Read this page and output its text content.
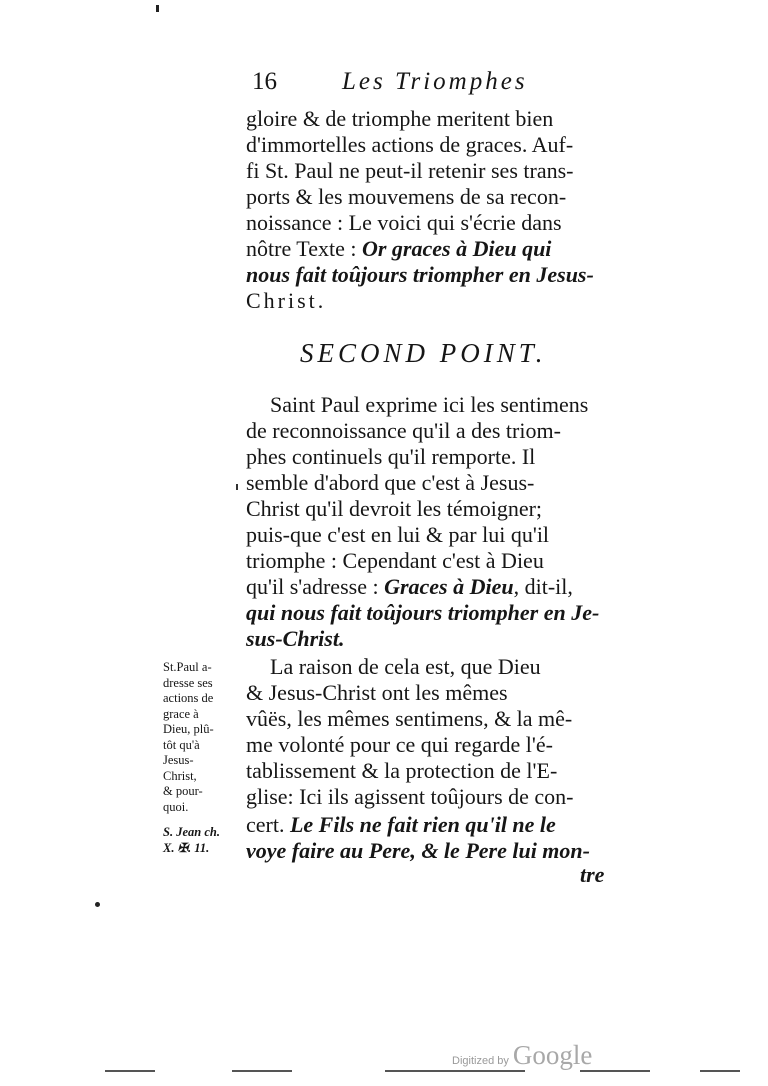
16	Les Triomphes
gloire & de triomphe meritent bien
d'immortelles actions de graces. Auf-
fi St. Paul ne peut-il retenir ses trans-
ports & les mouvemens de sa recon-
noissance : Le voici qui s'écrie dans
nôtre Texte : Or graces à Dieu qui
nous fait toûjours triompher en Jesus-
Christ.
SECOND POINT.
Saint Paul exprime ici les sentimens
de reconnoissance qu'il a des triom-
phes continuels qu'il remporte. Il
semble d'abord que c'est à Jesus-
Christ qu'il devroit les témoigner;
puis-que c'est en lui & par lui qu'il
triomphe : Cependant c'est à Dieu
qu'il s'adresse : Graces à Dieu, dit-il,
qui nous fait toûjours triompher en Je-
sus-Christ.
La raison de cela est, que Dieu
& Jesus-Christ ont les mêmes
vûës, les mêmes sentimens, & la mê-
me volonté pour ce qui regarde l'é-
tablissement & la protection de l'E-
glise: Ici ils agissent toûjours de con-
cert. Le Fils ne fait rien qu'il ne le
voye faire au Pere, & le Pere lui mon-
tre
St.Paul a-
dresse ses
actions de
grace à
Dieu, plû-
tôt qu'à
Jesus-
Christ,
& pour-
quoi.
S. Jean ch.
X. ✠. 11.
Digitized by Google
